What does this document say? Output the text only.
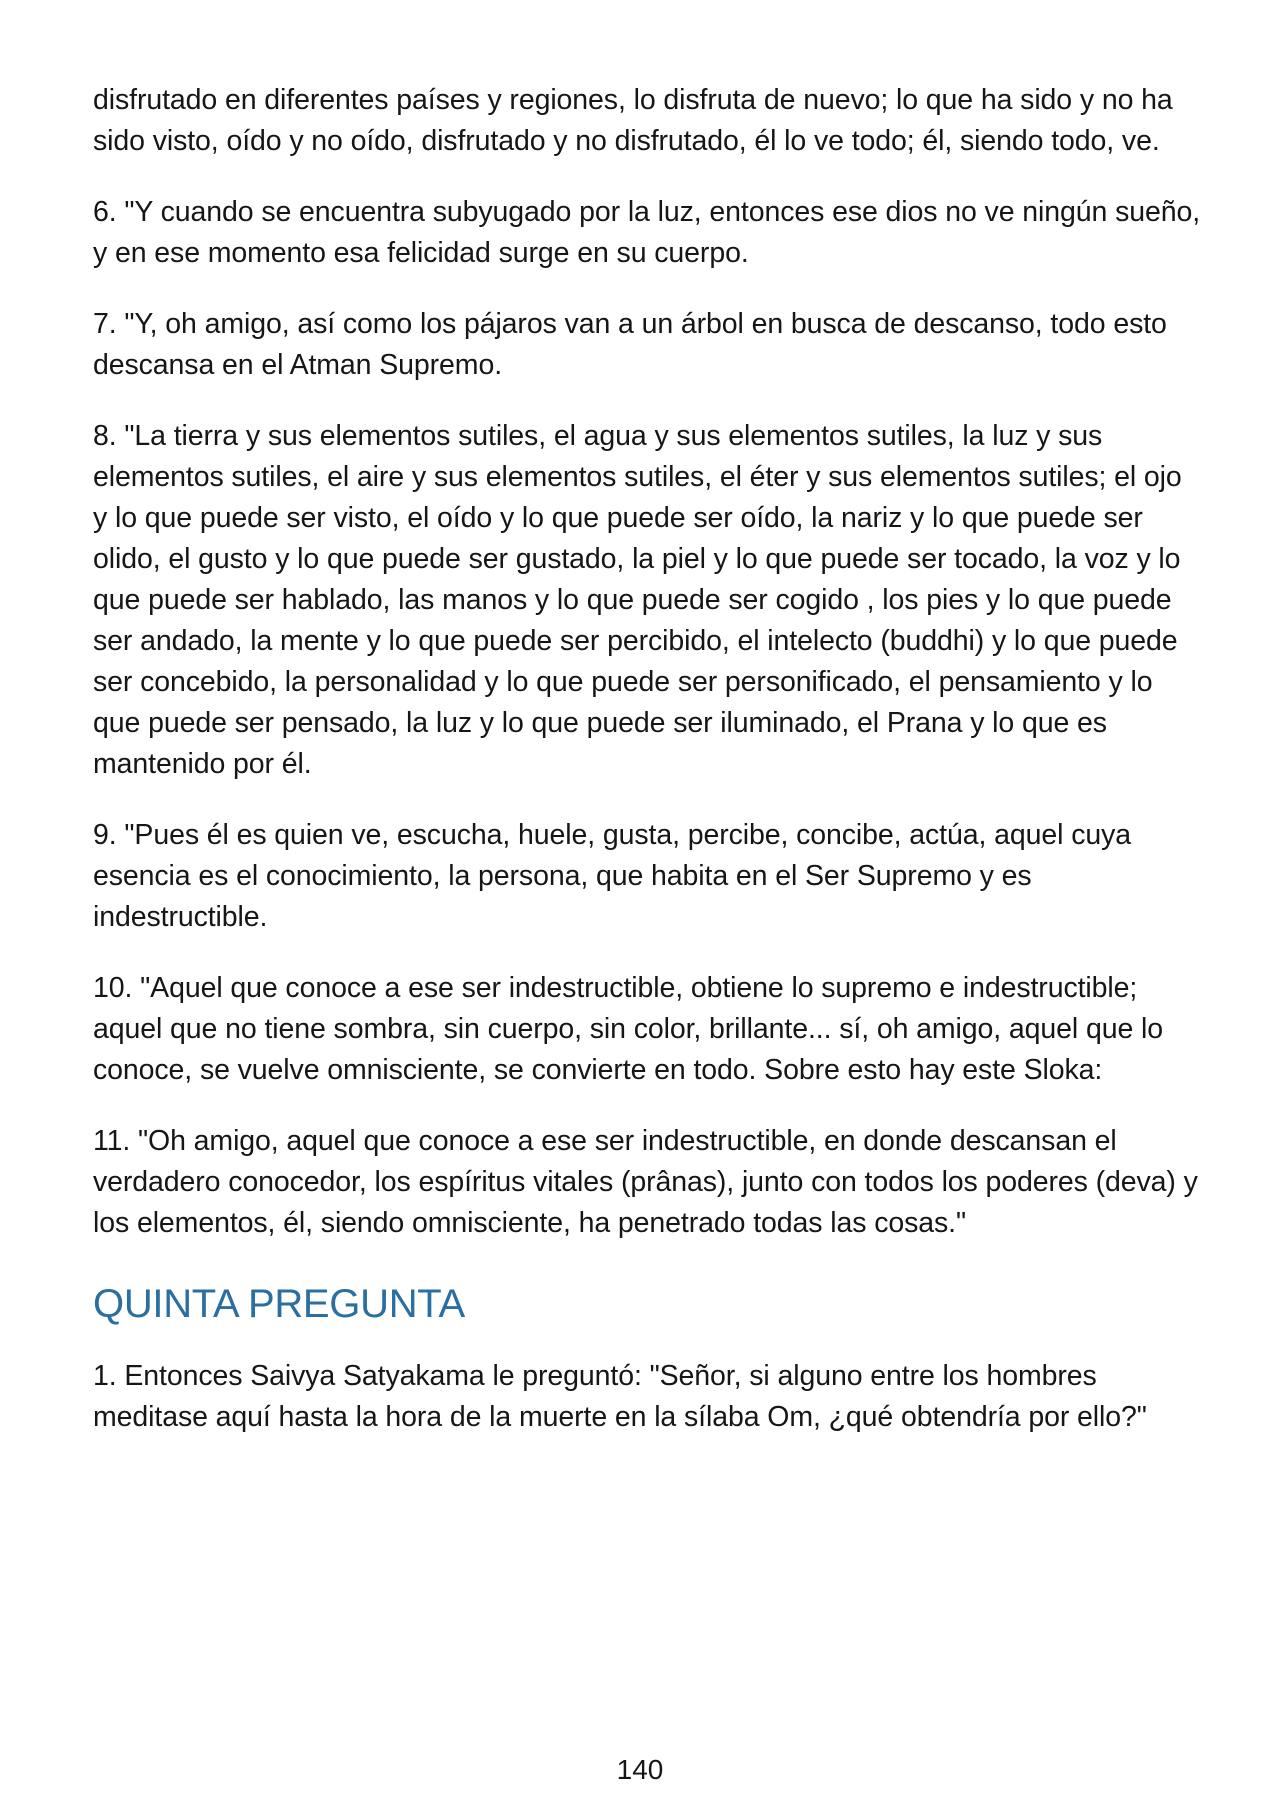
disfrutado en diferentes países y regiones, lo disfruta de nuevo; lo que ha sido y no ha sido visto, oído y no oído, disfrutado y no disfrutado, él lo ve todo; él, siendo todo, ve.

6. "Y cuando se encuentra subyugado por la luz, entonces ese dios no ve ningún sueño, y en ese momento esa felicidad surge en su cuerpo.

7. "Y, oh amigo, así como los pájaros van a un árbol en busca de descanso, todo esto descansa en el Atman Supremo.

8. "La tierra y sus elementos sutiles, el agua y sus elementos sutiles, la luz y sus elementos sutiles, el aire y sus elementos sutiles, el éter y sus elementos sutiles; el ojo y lo que puede ser visto, el oído y lo que puede ser oído, la nariz y lo que puede ser olido, el gusto y lo que puede ser gustado, la piel y lo que puede ser tocado, la voz y lo que puede ser hablado, las manos y lo que puede ser cogido , los pies y lo que puede ser andado, la mente y lo que puede ser percibido, el intelecto (buddhi) y lo que puede ser concebido, la personalidad y lo que puede ser personificado, el pensamiento y lo que puede ser pensado, la luz y lo que puede ser iluminado, el Prana y lo que es mantenido por él.

9. "Pues él es quien ve, escucha, huele, gusta, percibe, concibe, actúa, aquel cuya esencia es el conocimiento, la persona, que habita en el Ser Supremo y es indestructible.

10. "Aquel que conoce a ese ser indestructible, obtiene lo supremo e indestructible; aquel que no tiene sombra, sin cuerpo, sin color, brillante... sí, oh amigo, aquel que lo conoce, se vuelve omnisciente, se convierte en todo. Sobre esto hay este Sloka:

11. "Oh amigo, aquel que conoce a ese ser indestructible, en donde descansan el verdadero conocedor, los espíritus vitales (prânas), junto con todos los poderes (deva) y los elementos, él, siendo omnisciente, ha penetrado todas las cosas."

QUINTA PREGUNTA

1. Entonces Saivya Satyakama le preguntó: "Señor, si alguno entre los hombres meditase aquí hasta la hora de la muerte en la sílaba Om, ¿qué obtendría por ello?"

140
